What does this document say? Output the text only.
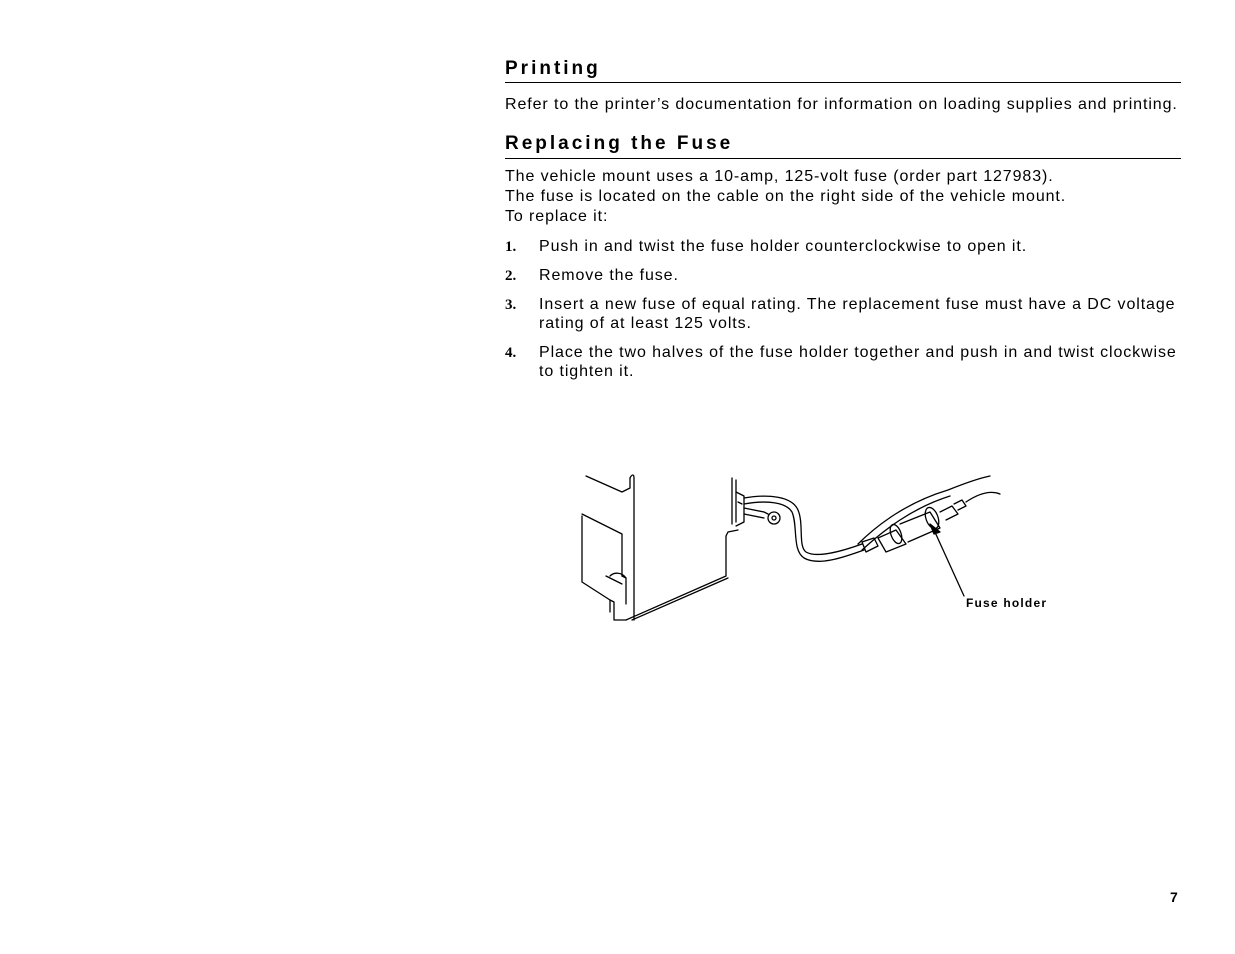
Printing

Refer to the printer’s documentation for information on loading supplies and printing.

Replacing the Fuse

The vehicle mount uses a 10-amp, 125-volt fuse (order part 127983).
The fuse is located on the cable on the right side of the vehicle mount.
To replace it:

1. Push in and twist the fuse holder counterclockwise to open it.
2. Remove the fuse.
3. Insert a new fuse of equal rating. The replacement fuse must have a DC voltage rating of at least 125 volts.
4. Place the two halves of the fuse holder together and push in and twist clockwise to tighten it.
Fuse holder
7
